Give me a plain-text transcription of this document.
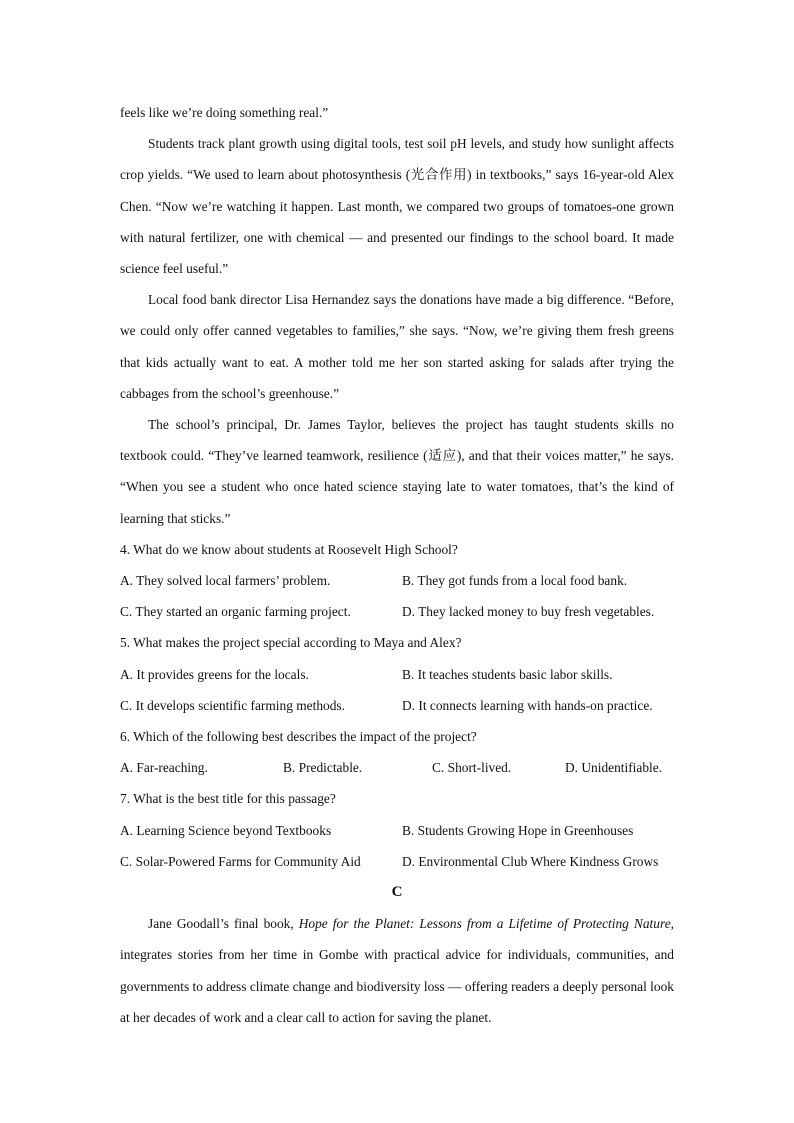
feels like we’re doing something real.”

Students track plant growth using digital tools, test soil pH levels, and study how sunlight affects crop yields. “We used to learn about photosynthesis (光合作用) in textbooks,” says 16-year-old Alex Chen. “Now we’re watching it happen. Last month, we compared two groups of tomatoes-one grown with natural fertilizer, one with chemical — and presented our findings to the school board. It made science feel useful.”

Local food bank director Lisa Hernandez says the donations have made a big difference. “Before, we could only offer canned vegetables to families,” she says. “Now, we’re giving them fresh greens that kids actually want to eat. A mother told me her son started asking for salads after trying the cabbages from the school’s greenhouse.”

The school’s principal, Dr. James Taylor, believes the project has taught students skills no textbook could. “They’ve learned teamwork, resilience (适应), and that their voices matter,” he says. “When you see a student who once hated science staying late to water tomatoes, that’s the kind of learning that sticks.”

4. What do we know about students at Roosevelt High School?

A. They solved local farmers’ problem.	B. They got funds from a local food bank.
C. They started an organic farming project.	D. They lacked money to buy fresh vegetables.

5. What makes the project special according to Maya and Alex?

A. It provides greens for the locals.	B. It teaches students basic labor skills.
C. It develops scientific farming methods.	D. It connects learning with hands-on practice.

6. Which of the following best describes the impact of the project?

A. Far-reaching.	B. Predictable.	C. Short-lived.	D. Unidentifiable.

7. What is the best title for this passage?

A. Learning Science beyond Textbooks	B. Students Growing Hope in Greenhouses
C. Solar-Powered Farms for Community Aid	D. Environmental Club Where Kindness Grows

C

Jane Goodall’s final book, Hope for the Planet: Lessons from a Lifetime of Protecting Nature, integrates stories from her time in Gombe with practical advice for individuals, communities, and governments to address climate change and biodiversity loss — offering readers a deeply personal look at her decades of work and a clear call to action for saving the planet.
